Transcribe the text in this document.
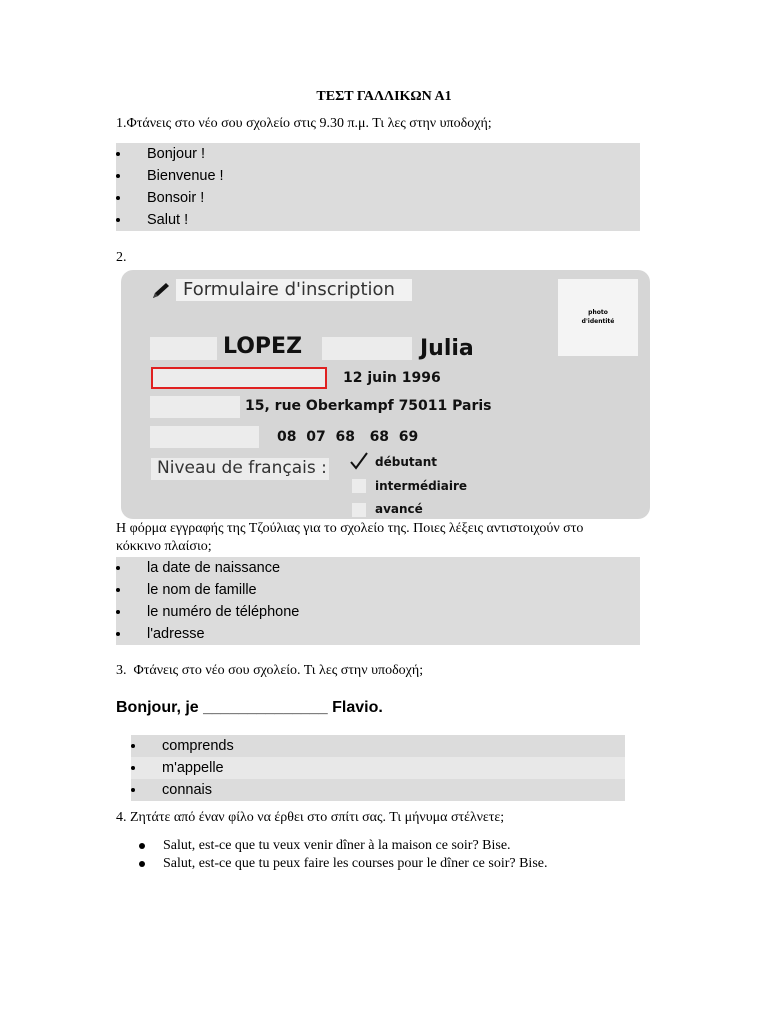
ΤΕΣΤ ΓΑΛΛΙΚΩΝ Α1
1.Φτάνεις στο νέο σου σχολείο στις 9.30 π.μ. Τι λες στην υποδοχή;
Bonjour !
Bienvenue !
Bonsoir !
Salut !
2.
Formulaire d'inscription
photo
d'identité
LOPEZ	Julia
12 juin 1996
15, rue Oberkampf 75011 Paris
08  07  68   68  69
Niveau de français :	débutant
intermédiaire
avancé
Η φόρμα εγγραφής της Τζούλιας για το σχολείο της. Ποιες λέξεις αντιστοιχούν στο
κόκκινο πλαίσιο;
la date de naissance
le nom de famille
le numéro de téléphone
l'adresse
3.  Φτάνεις στο νέο σου σχολείο. Τι λες στην υποδοχή;
Bonjour, je ______________ Flavio.
comprends
m'appelle
connais
4. Ζητάτε από έναν φίλο να έρθει στο σπίτι σας. Τι μήνυμα στέλνετε;
Salut, est-ce que tu veux venir dîner à la maison ce soir? Bise.
Salut, est-ce que tu peux faire les courses pour le dîner ce soir? Bise.
